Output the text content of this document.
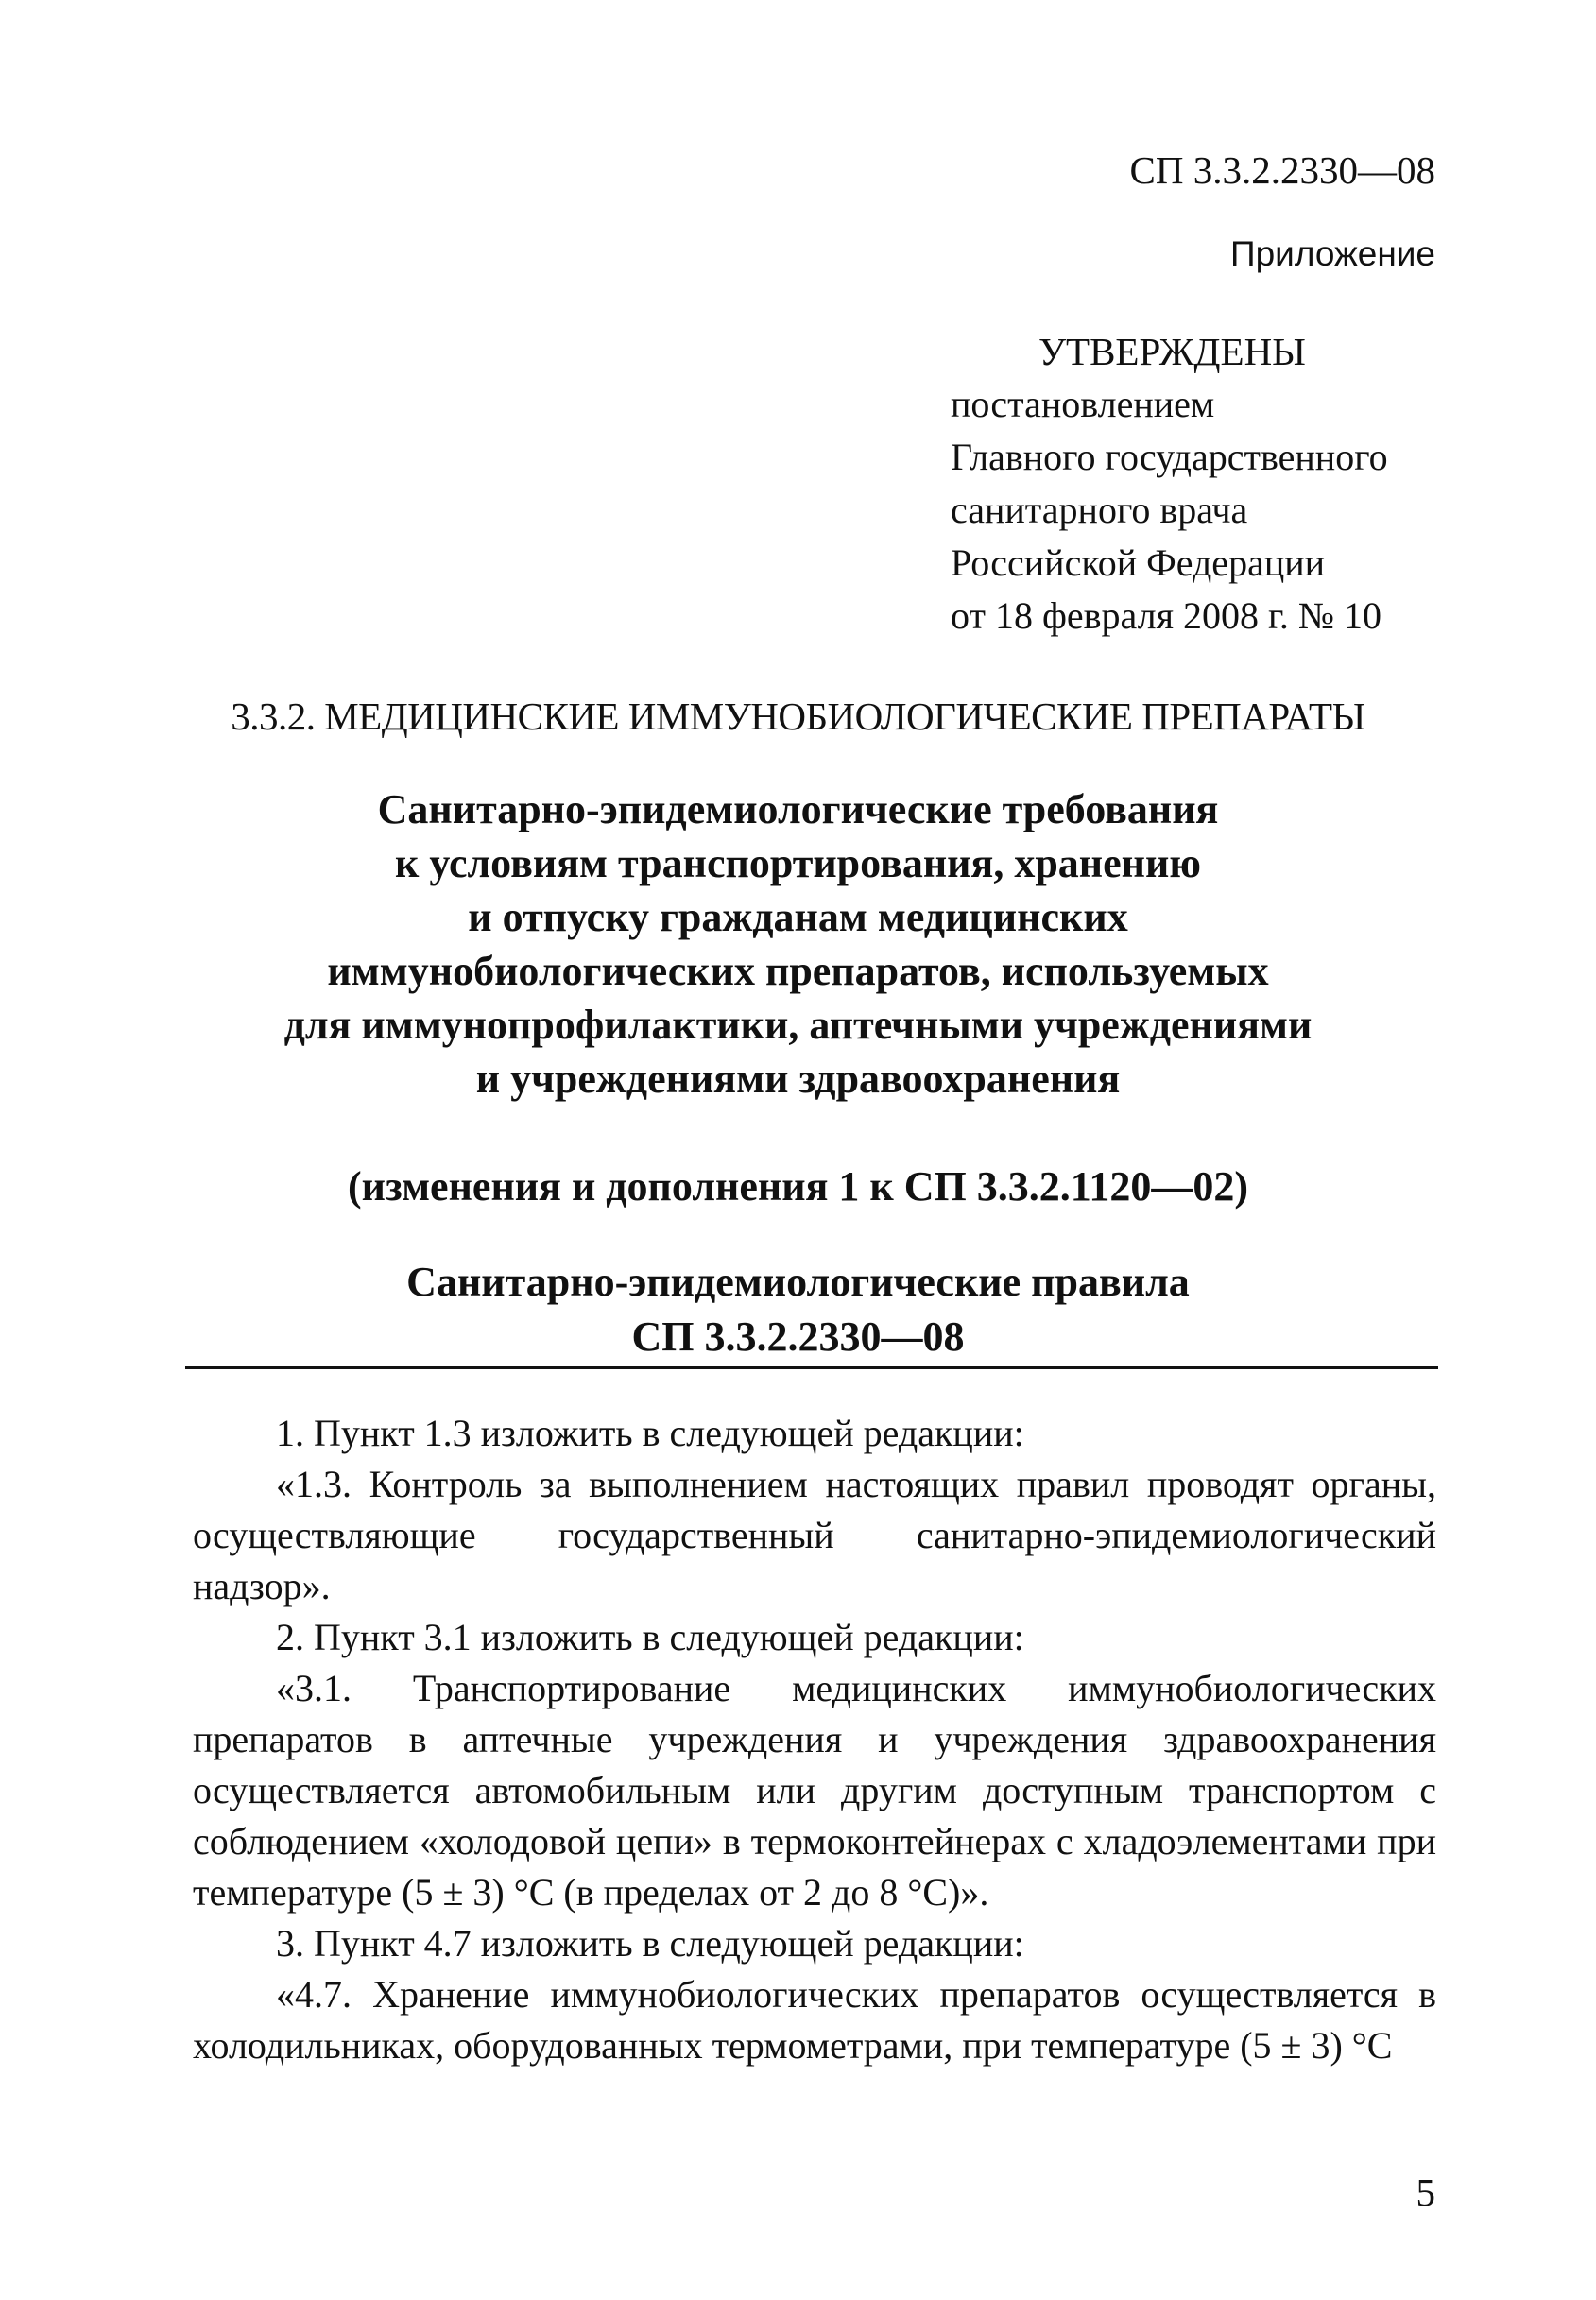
СП 3.3.2.2330—08
Приложение
УТВЕРЖДЕНЫ
постановлением
Главного государственного
санитарного врача
Российской Федерации
от 18 февраля 2008 г. № 10
3.3.2. МЕДИЦИНСКИЕ ИММУНОБИОЛОГИЧЕСКИЕ ПРЕПАРАТЫ
Санитарно-эпидемиологические требования
к условиям транспортирования, хранению
и отпуску гражданам медицинских
иммунобиологических препаратов, используемых
для иммунопрофилактики, аптечными учреждениями
и учреждениями здравоохранения
(изменения и дополнения 1 к СП 3.3.2.1120—02)
Санитарно-эпидемиологические правила
СП 3.3.2.2330—08

1. Пункт 1.3 изложить в следующей редакции:

«1.3. Контроль за выполнением настоящих правил проводят органы, осуществляющие государственный санитарно-эпидемиологический надзор».

2. Пункт 3.1 изложить в следующей редакции:

«3.1. Транспортирование медицинских иммунобиологических препаратов в аптечные учреждения и учреждения здравоохранения осуществляется автомобильным или другим доступным транспортом с соблюдением «холодовой цепи» в термоконтейнерах с хладоэлементами при температуре (5 ± 3) °С (в пределах от 2 до 8 °С)».

3. Пункт 4.7 изложить в следующей редакции:

«4.7. Хранение иммунобиологических препаратов осуществляется в холодильниках, оборудованных термометрами, при температуре (5 ± 3) °С

5
